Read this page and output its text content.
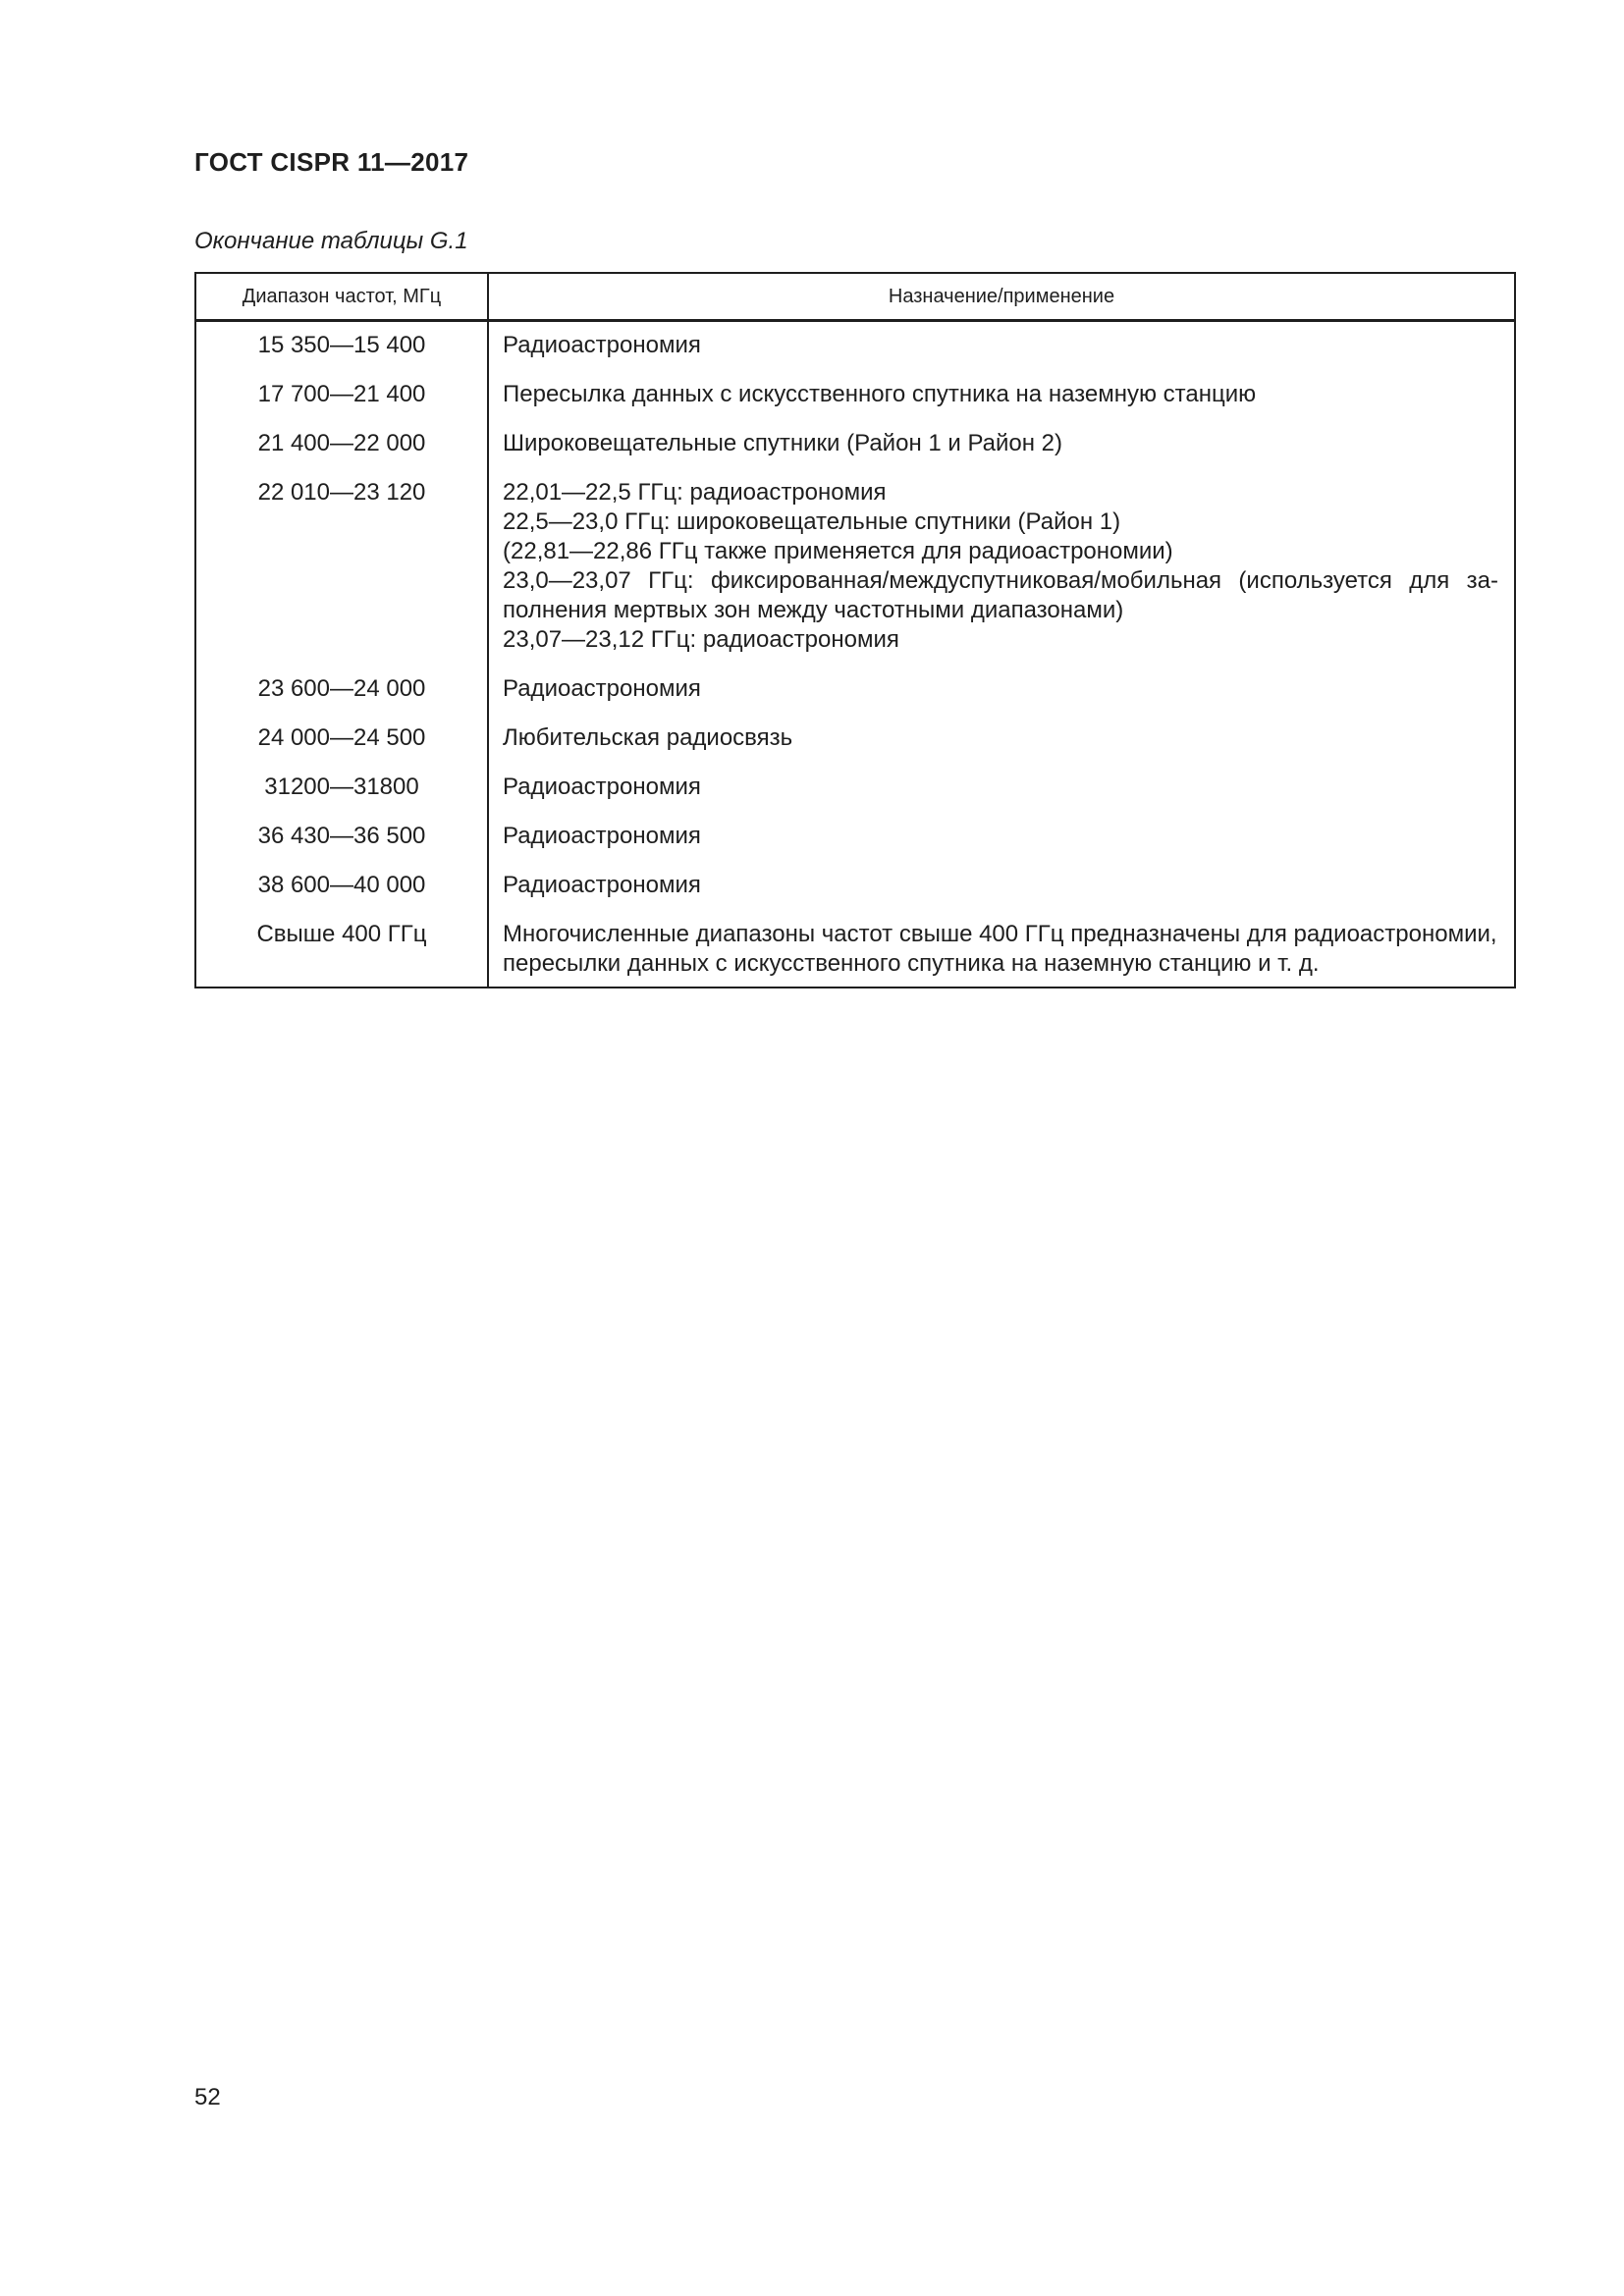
ГОСТ CISPR 11—2017

Окончание таблицы G.1

Диапазон частот, МГц	Назначение/применение
15 350—15 400	Радиоастрономия
17 700—21 400	Пересылка данных с искусственного спутника на наземную станцию
21 400—22 000	Широковещательные спутники (Район 1 и Район 2)
22 010—23 120	22,01—22,5 ГГц: радиоастрономия
22,5—23,0 ГГц: широковещательные спутники (Район 1)
(22,81—22,86 ГГц также применяется для радиоастрономии)
23,0—23,07 ГГц: фиксированная/междуспутниковая/мобильная (используется для за-
полнения мертвых зон между частотными диапазонами)
23,07—23,12 ГГц: радиоастрономия
23 600—24 000	Радиоастрономия
24 000—24 500	Любительская радиосвязь
31200—31800	Радиоастрономия
36 430—36 500	Радиоастрономия
38 600—40 000	Радиоастрономия
Свыше 400 ГГц	Многочисленные диапазоны частот свыше 400 ГГц предназначены для радиоастрономии,
пересылки данных с искусственного спутника на наземную станцию и т. д.

52
